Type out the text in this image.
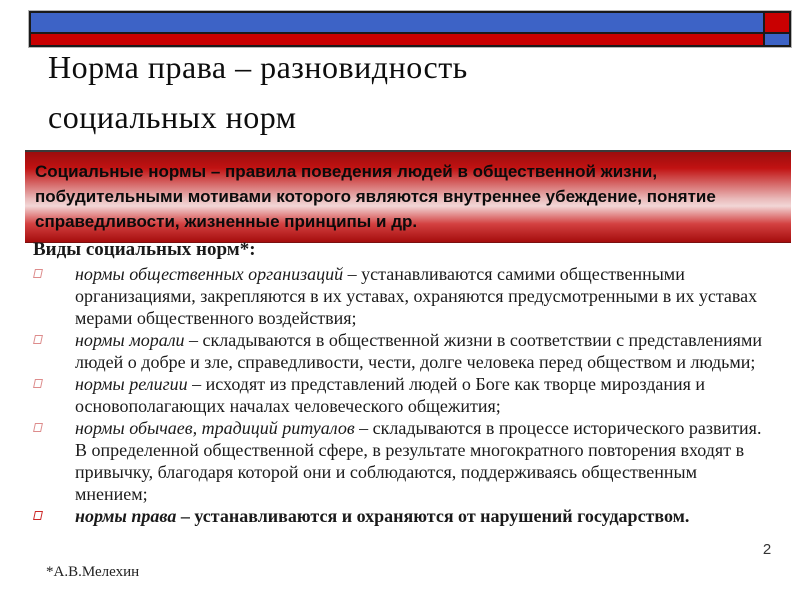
Норма права – разновидность
социальных норм
Социальные нормы – правила поведения людей в общественной жизни, побудительными мотивами которого являются внутреннее убеждение, понятие справедливости, жизненные принципы и др.

Виды социальных норм*:

нормы общественных организаций – устанавливаются самими общественными организациями, закрепляются в их уставах, охраняются предусмотренными в их уставах мерами общественного воздействия;
нормы морали – складываются в общественной жизни в соответствии с представлениями людей о добре и зле, справедливости, чести, долге человека перед обществом и людьми;
нормы религии – исходят из представлений людей о Боге как творце мироздания и основополагающих началах человеческого общежития;
нормы обычаев, традиций ритуалов – складываются в процессе исторического развития. В определенной общественной сфере, в результате многократного повторения входят в привычку, благодаря которой они и соблюдаются, поддерживаясь общественным мнением;
нормы права – устанавливаются и охраняются от нарушений государством.
*А.В.Мелехин
2
